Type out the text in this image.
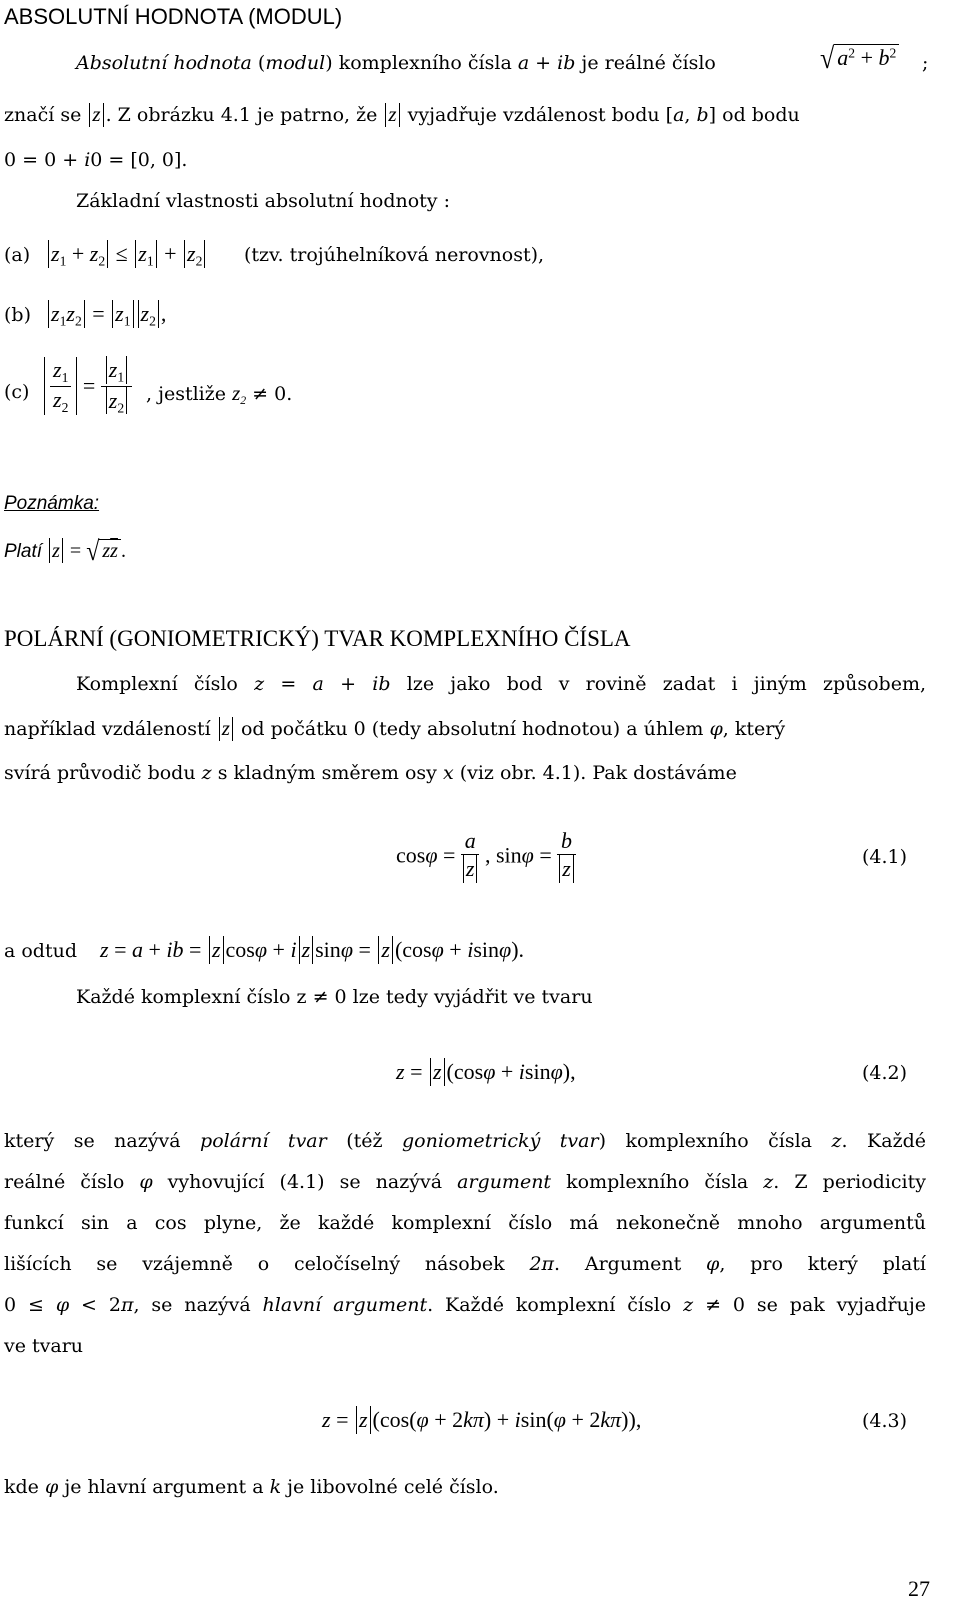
ABSOLUTNÍ HODNOTA (MODUL)
Absolutní hodnota (modul) komplexního čísla a + ib je reálné číslo	√ $a^2 + b^2$ ;
značí se z . Z obrázku 4.1 je patrno, že z vyjadřuje vzdálenost bodu [a, b] od bodu
0 = 0 + i0 = [0, 0].
Základní vlastnosti absolutní hodnoty :
(a) $z_1 + z_2 \le z_1 + z_2$ (tzv. trojúhelníková nerovnost),
(b) $z_1z_2 = z_1$ $z_2$ ,
$(c) \frac{z_1}{z_2} = \frac{z_1}{z_2}$ , jestliže $z_2 \ne 0$.
Poznámka:
Platí z = √ $z\overline{z}$ .
POLÁRNÍ (GONIOMETRICKÝ) TVAR KOMPLEXNÍHO ČÍSLA
Komplexní číslo z = a + ib lze jako bod v rovině zadat i jiným způsobem,
například vzdáleností z od počátku 0 (tedy absolutní hodnotou) a úhlem φ, který
svírá průvodič bodu z s kladným směrem osy x (viz obr. 4.1). Pak dostáváme
$\cos\varphi = \frac{a}{z}$ , $\sin\varphi = \frac{b}{z}$	(4.1)
a odtud z = a + ib = z cosφ + i z sinφ = z (cosφ + isinφ).
Každé komplexní číslo z ≠ 0 lze tedy vyjádřit ve tvaru
z = z (cosφ + isinφ),	(4.2)
který se nazývá polární tvar (též goniometrický tvar) komplexního čísla z. Každé
reálné číslo φ vyhovující (4.1) se nazývá argument komplexního čísla z. Z periodicity
funkcí sin a cos plyne, že každé komplexní číslo má nekonečně mnoho argumentů
lišících se vzájemně o celočíselný násobek 2π. Argument φ, pro který platí
0 ≤ φ < 2π, se nazývá hlavní argument. Každé komplexní číslo z ≠ 0 se pak vyjadřuje
ve tvaru
z = z (cos(φ + 2kπ) + isin(φ + 2kπ)),	(4.3)
kde φ je hlavní argument a k je libovolné celé číslo.
27
